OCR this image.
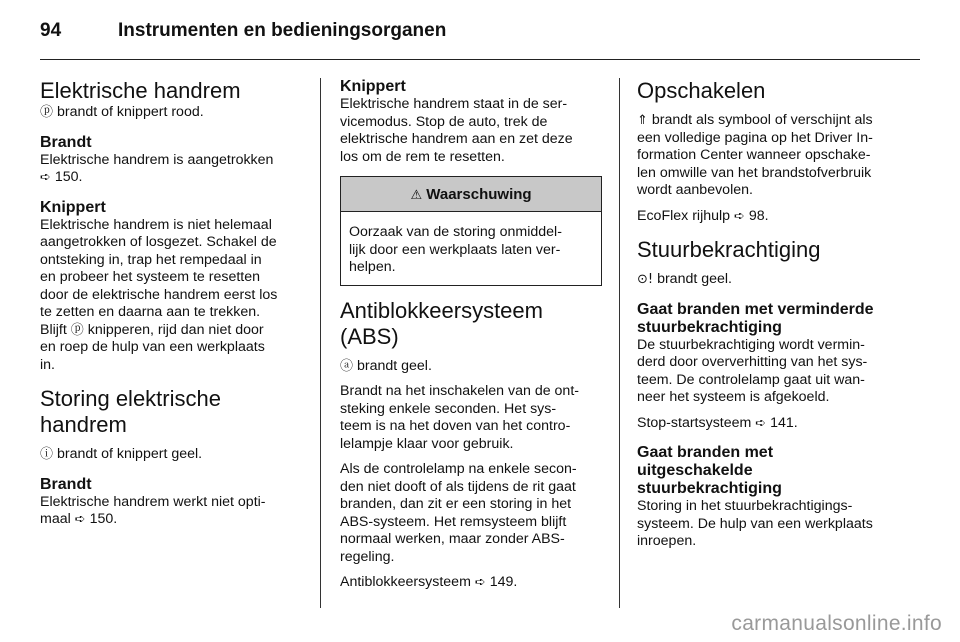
94	Instrumenten en bedieningsorganen
Elektrische handrem

ⓟ brandt of knippert rood.

Brandt

Elektrische handrem is aangetrokken
➪ 150.

Knippert

Elektrische handrem is niet helemaal
aangetrokken of losgezet. Schakel de
ontsteking in, trap het rempedaal in
en probeer het systeem te resetten
door de elektrische handrem eerst los
te zetten en daarna aan te trekken.
Blijft ⓟ knipperen, rijd dan niet door
en roep de hulp van een werkplaats
in.

Storing elektrische
handrem

ⓘ brandt of knippert geel.

Brandt

Elektrische handrem werkt niet opti-
maal ➪ 150.

Knippert

Elektrische handrem staat in de ser-
vicemodus. Stop de auto, trek de
elektrische handrem aan en zet deze
los om de rem te resetten.

⚠ Waarschuwing

Oorzaak van de storing onmiddel-
lijk door een werkplaats laten ver-
helpen.

Antiblokkeersysteem
(ABS)

ⓐ brandt geel.

Brandt na het inschakelen van de ont-
steking enkele seconden. Het sys-
teem is na het doven van het contro-
lelampje klaar voor gebruik.

Als de controlelamp na enkele secon-
den niet dooft of als tijdens de rit gaat
branden, dan zit er een storing in het
ABS-systeem. Het remsysteem blijft
normaal werken, maar zonder ABS-
regeling.

Antiblokkeersysteem ➪ 149.

Opschakelen

⇑ brandt als symbool of verschijnt als
een volledige pagina op het Driver In-
formation Center wanneer opschake-
len omwille van het brandstofverbruik
wordt aanbevolen.

EcoFlex rijhulp ➪ 98.

Stuurbekrachtiging

⊙! brandt geel.

Gaat branden met verminderde
stuurbekrachtiging

De stuurbekrachtiging wordt vermin-
derd door oververhitting van het sys-
teem. De controlelamp gaat uit wan-
neer het systeem is afgekoeld.

Stop-startsysteem ➪ 141.

Gaat branden met
uitgeschakelde
stuurbekrachtiging

Storing in het stuurbekrachtigings-
systeem. De hulp van een werkplaats
inroepen.

carmanualsonline.info
